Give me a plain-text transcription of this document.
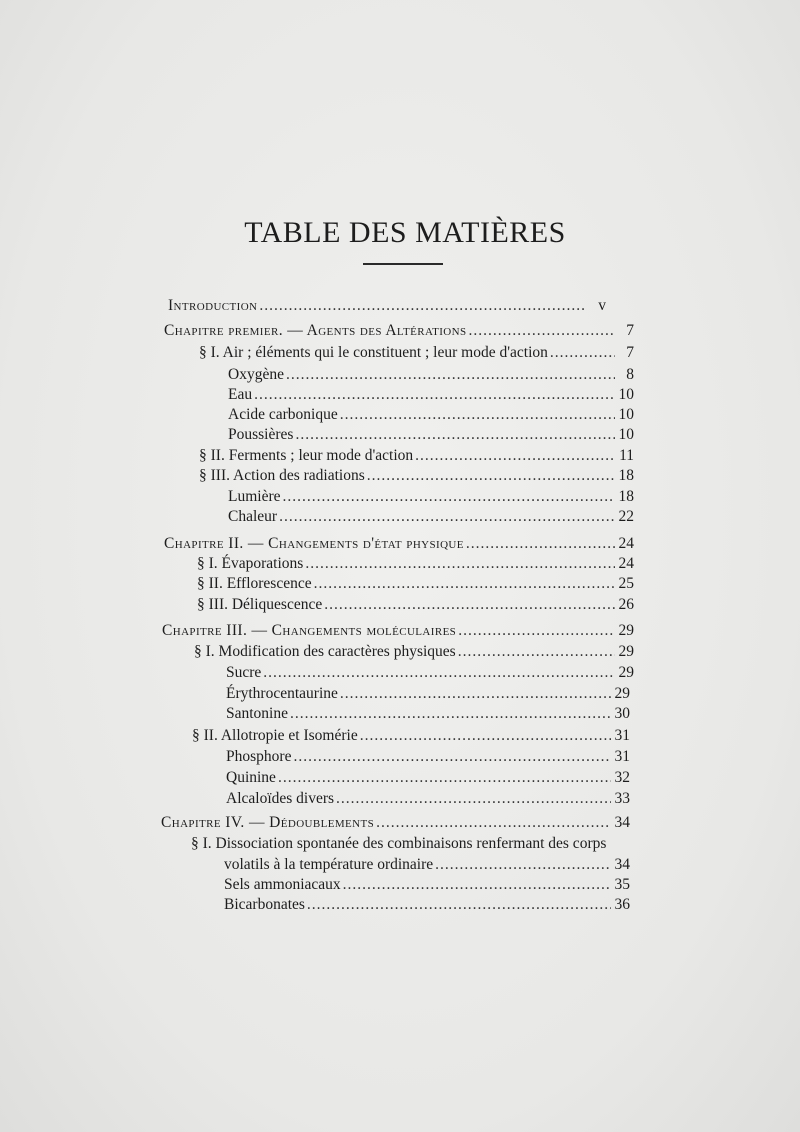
TABLE DES MATIÈRES
Introduction .....	v
Chapitre premier. — Agents des Altérations .....	7
§ I. Air ; éléments qui le constituent ; leur mode d'action .....	7
Oxygène .....	8
Eau .....	10
Acide carbonique .....	10
Poussières .....	10
§ II. Ferments ; leur mode d'action .....	11
§ III. Action des radiations .....	18
Lumière .....	18
Chaleur .....	22
Chapitre II. — Changements d'état physique .....	24
§ I. Évaporations .....	24
§ II. Efflorescence .....	25
§ III. Déliquescence .....	26
Chapitre III. — Changements moléculaires .....	29
§ I. Modification des caractères physiques .....	29
Sucre .....	29
Érythrocentaurine .....	29
Santonine .....	30
§ II. Allotropie et Isomérie .....	31
Phosphore .....	31
Quinine .....	32
Alcaloïdes divers .....	33
Chapitre IV. — Dédoublements .....	34
§ I. Dissociation spontanée des combinaisons renfermant des corps
volatils à la température ordinaire .....	34
Sels ammoniacaux .....	35
Bicarbonates .....	36
